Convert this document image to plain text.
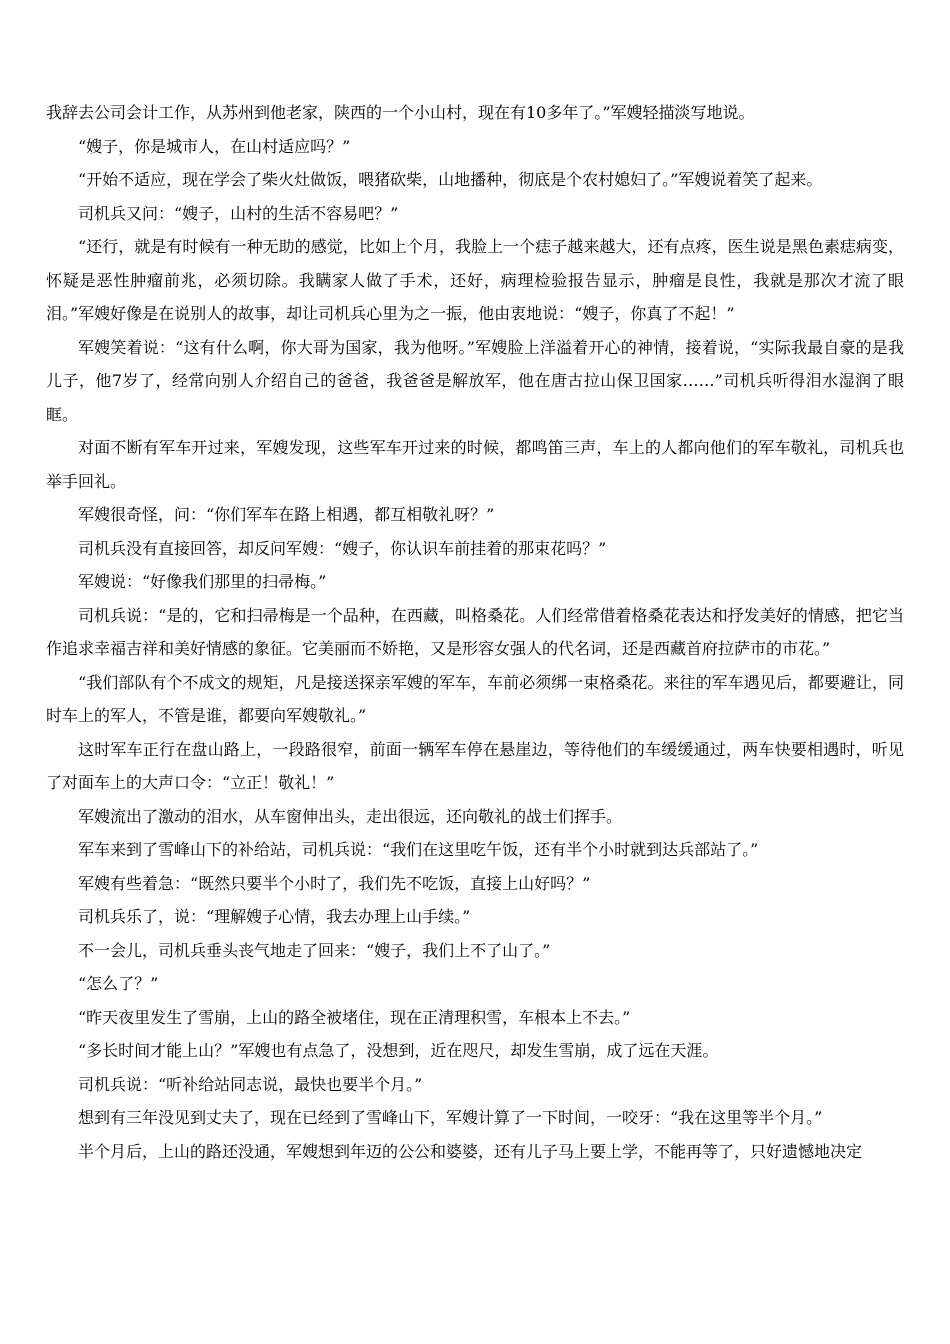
我辞去公司会计工作，从苏州到他老家，陕西的一个小山村，现在有10多年了。”军嫂轻描淡写地说。

“嫂子，你是城市人，在山村适应吗？”

“开始不适应，现在学会了柴火灶做饭，喂猪砍柴，山地播种，彻底是个农村媳妇了。”军嫂说着笑了起来。

司机兵又问：“嫂子，山村的生活不容易吧？”

“还行，就是有时候有一种无助的感觉，比如上个月，我脸上一个痣子越来越大，还有点疼，医生说是黑色素痣病变，怀疑是恶性肿瘤前兆，必须切除。我瞒家人做了手术，还好，病理检验报告显示，肿瘤是良性，我就是那次才流了眼泪。”军嫂好像是在说别人的故事，却让司机兵心里为之一振，他由衷地说：“嫂子，你真了不起！”

军嫂笑着说：“这有什么啊，你大哥为国家，我为他呀。”军嫂脸上洋溢着开心的神情，接着说，“实际我最自豪的是我儿子，他7岁了，经常向别人介绍自己的爸爸，我爸爸是解放军，他在唐古拉山保卫国家……”司机兵听得泪水湿润了眼眶。

对面不断有军车开过来，军嫂发现，这些军车开过来的时候，都鸣笛三声，车上的人都向他们的军车敬礼，司机兵也举手回礼。

军嫂很奇怪，问：“你们军车在路上相遇，都互相敬礼呀？”

司机兵没有直接回答，却反问军嫂：“嫂子，你认识车前挂着的那束花吗？”

军嫂说：“好像我们那里的扫帚梅。”

司机兵说：“是的，它和扫帚梅是一个品种，在西藏，叫格桑花。人们经常借着格桑花表达和抒发美好的情感，把它当作追求幸福吉祥和美好情感的象征。它美丽而不娇艳，又是形容女强人的代名词，还是西藏首府拉萨市的市花。”

“我们部队有个不成文的规矩，凡是接送探亲军嫂的军车，车前必须绑一束格桑花。来往的军车遇见后，都要避让，同时车上的军人，不管是谁，都要向军嫂敬礼。”

这时军车正行在盘山路上，一段路很窄，前面一辆军车停在悬崖边，等待他们的车缓缓通过，两车快要相遇时，听见了对面车上的大声口令：“立正！敬礼！”

军嫂流出了激动的泪水，从车窗伸出头，走出很远，还向敬礼的战士们挥手。

军车来到了雪峰山下的补给站，司机兵说：“我们在这里吃午饭，还有半个小时就到达兵部站了。”

军嫂有些着急：“既然只要半个小时了，我们先不吃饭，直接上山好吗？”

司机兵乐了，说：“理解嫂子心情，我去办理上山手续。”

不一会儿，司机兵垂头丧气地走了回来：“嫂子，我们上不了山了。”

“怎么了？”

“昨天夜里发生了雪崩，上山的路全被堵住，现在正清理积雪，车根本上不去。”

“多长时间才能上山？”军嫂也有点急了，没想到，近在咫尺，却发生雪崩，成了远在天涯。

司机兵说：“听补给站同志说，最快也要半个月。”

想到有三年没见到丈夫了，现在已经到了雪峰山下，军嫂计算了一下时间，一咬牙：“我在这里等半个月。”

半个月后，上山的路还没通，军嫂想到年迈的公公和婆婆，还有儿子马上要上学，不能再等了，只好遗憾地决定
